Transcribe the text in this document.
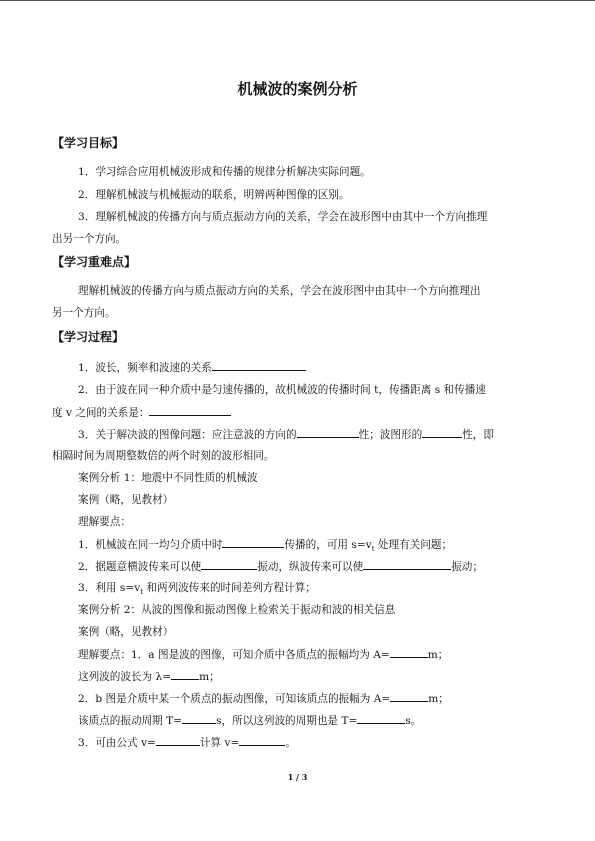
机械波的案例分析
【学习目标】
1．学习综合应用机械波形成和传播的规律分析解决实际问题。
2．理解机械波与机械振动的联系，明辨两种图像的区别。
3．理解机械波的传播方向与质点振动方向的关系，学会在波形图中由其中一个方向推理
出另一个方向。
【学习重难点】
理解机械波的传播方向与质点振动方向的关系，学会在波形图中由其中一个方向推理出
另一个方向。
【学习过程】
1．波长，频率和波速的关系
2．由于波在同一种介质中是匀速传播的，故机械波的传播时间 t，传播距离 s 和传播速
度 v 之间的关系是：
3．关于解决波的图像问题：应注意波的方向的	性；波图形的	性，即
相隔时间为周期整数倍的两个时刻的波形相同。
案例分析 1：地震中不同性质的机械波
案例（略，见教材）
理解要点：
1．机械波在同一均匀介质中时	传播的，可用 $s=v_t$ 处理有关问题；
2．据题意横波传来可以使	振动，纵波传来可以使	振动；
3．利用 $s=v_t$ 和两列波传来的时间差列方程计算；
案例分析 2：从波的图像和振动图像上检索关于振动和波的相关信息
案例（略，见教材）
理解要点：1．a 图是波的图像，可知介质中各质点的振幅均为 A=	m；
这列波的波长为 λ=	m；
2．b 图是介质中某一个质点的振动图像，可知该质点的振幅为 A=	m；
该质点的振动周期 T=	s，所以这列波的周期也是 T=	s。
3．可由公式 v=	计算 v=	。
1 / 3
